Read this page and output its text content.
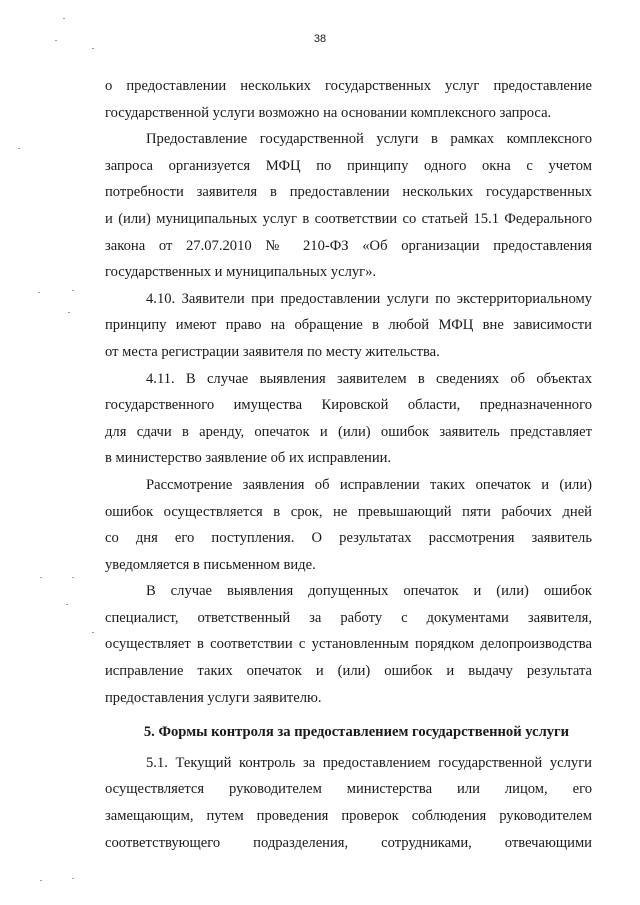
38
о предоставлении нескольких государственных услуг предоставление
государственной услуги возможно на основании комплексного запроса.
Предоставление государственной услуги в рамках комплексного
запроса организуется МФЦ по принципу одного окна с учетом
потребности заявителя в предоставлении нескольких государственных
и (или) муниципальных услуг в соответствии со статьей 15.1 Федерального
закона от 27.07.2010 № 210-ФЗ «Об организации предоставления
государственных и муниципальных услуг».
4.10. Заявители при предоставлении услуги по экстерриториальному
принципу имеют право на обращение в любой МФЦ вне зависимости
от места регистрации заявителя по месту жительства.
4.11. В случае выявления заявителем в сведениях об объектах
государственного имущества Кировской области, предназначенного
для сдачи в аренду, опечаток и (или) ошибок заявитель представляет
в министерство заявление об их исправлении.
Рассмотрение заявления об исправлении таких опечаток и (или)
ошибок осуществляется в срок, не превышающий пяти рабочих дней
со дня его поступления. О результатах рассмотрения заявитель
уведомляется в письменном виде.
В случае выявления допущенных опечаток и (или) ошибок
специалист, ответственный за работу с документами заявителя,
осуществляет в соответствии с установленным порядком делопроизводства
исправление таких опечаток и (или) ошибок и выдачу результата
предоставления услуги заявителю.
5. Формы контроля за предоставлением государственной услуги
5.1. Текущий контроль за предоставлением государственной услуги
осуществляется руководителем министерства или лицом, его
замещающим, путем проведения проверок соблюдения руководителем
соответствующего подразделения, сотрудниками, отвечающими
